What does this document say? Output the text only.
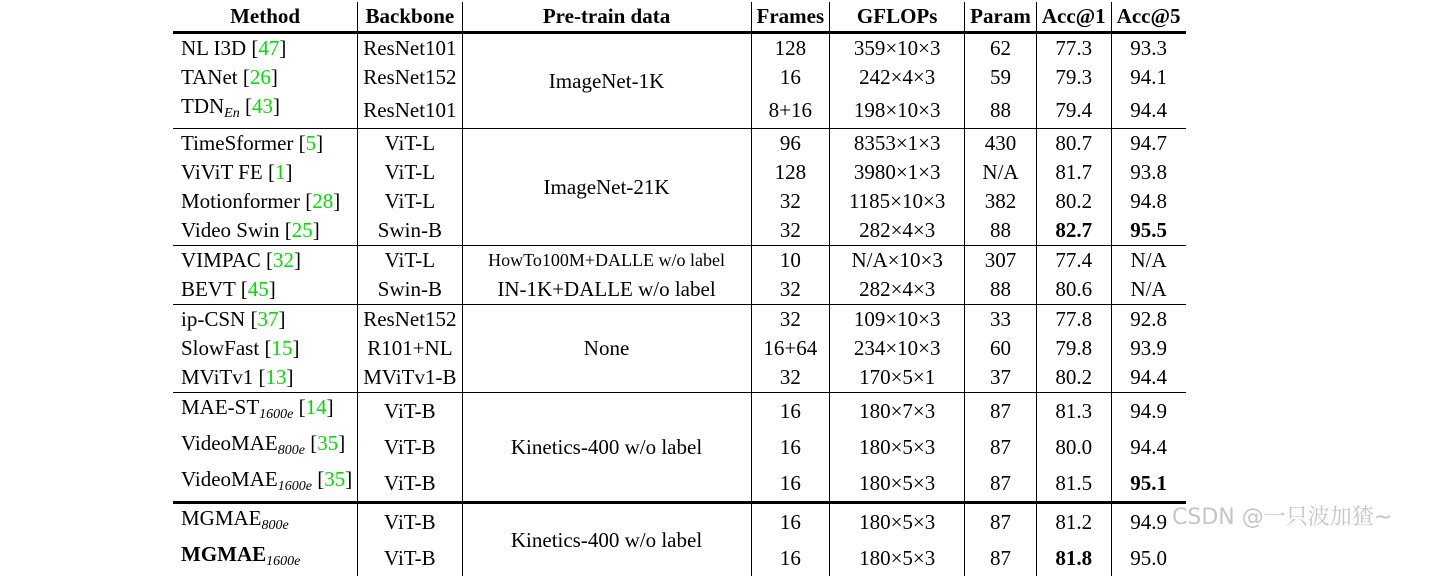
Method	Backbone	Pre-train data	Frames	GFLOPs	Param	Acc@1	Acc@5
NL I3D [47]	ResNet101	ImageNet-1K	128	359×10×3	62	77.3	93.3
TANet [26]	ResNet152		16	242×4×3	59	79.3	94.1
$TDN_{En}$ [43]	ResNet101		8+16	198×10×3	88	79.4	94.4
TimeSformer [5]	ViT-L	ImageNet-21K	96	8353×1×3	430	80.7	94.7
ViViT FE [1]	ViT-L		128	3980×1×3	N/A	81.7	93.8
Motionformer [28]	ViT-L		32	1185×10×3	382	80.2	94.8
Video Swin [25]	Swin-B		32	282×4×3	88	82.7	95.5
VIMPAC [32]	ViT-L	HowTo100M+DALLE w/o label	10	N/A×10×3	307	77.4	N/A
BEVT [45]	Swin-B	IN-1K+DALLE w/o label	32	282×4×3	88	80.6	N/A
ip-CSN [37]	ResNet152	None	32	109×10×3	33	77.8	92.8
SlowFast [15]	R101+NL		16+64	234×10×3	60	79.8	93.9
MViTv1 [13]	MViTv1-B		32	170×5×1	37	80.2	94.4
MAE-$ST_{1600e}$ [14]	ViT-B	Kinetics-400 w/o label	16	180×7×3	87	81.3	94.9
VideoMAE$_{800e}$ [35]	ViT-B		16	180×5×3	87	80.0	94.4
VideoMAE$_{1600e}$ [35]	ViT-B		16	180×5×3	87	81.5	95.1
$MGMAE_{800e}$	ViT-B	Kinetics-400 w/o label	16	180×5×3	87	81.2	94.9
$MGMAE_{1600e}$	ViT-B		16	180×5×3	87	81.8	95.0
CSDN @一只波加猹~
